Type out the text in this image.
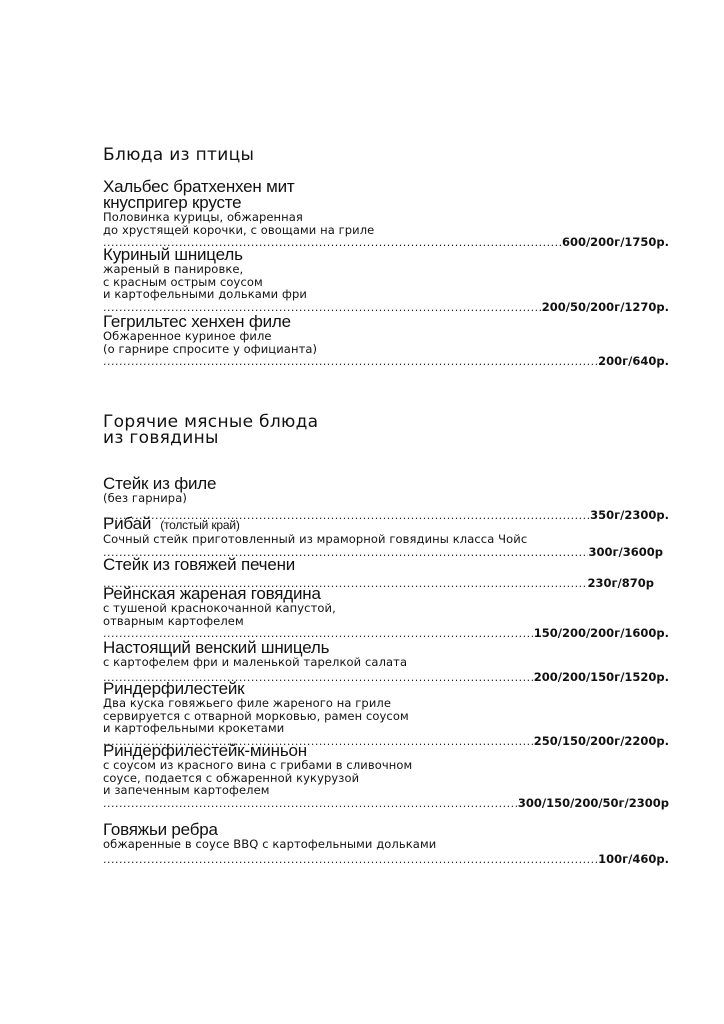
Блюда из птицы
Хальбес братхенхен мит
кнуспригер крусте
Половинка курицы, обжаренная
до хрустящей корочки, с овощами на гриле
.....
600/200г/1750р.
Куриный шницель
жареный в панировке,
с красным острым соусом
и картофельными дольками фри
.....
200/50/200г/1270р.
Гегрильтес хенхен филе
Обжаренное куриное филе
(о гарнире спросите у официанта)
.....
200г/640р.
Горячие мясные блюда
из говядины
Стейк из филе
(без гарнира)
.....
350г/2300р.
Рибай (толстый край)
Сочный стейк приготовленный из мраморной говядины класса Чойс
.....
300г/3600р
Стейк из говяжей печени
.....
230г/870р
Рейнская жареная говядина
с тушеной краснокочанной капустой,
отварным картофелем
.....
150/200/200г/1600р.
Настоящий венский шницель
с картофелем фри и маленькой тарелкой салата
.....
200/200/150г/1520р.
Риндерфилестейк
Два куска говяжьего филе жареного на гриле
сервируется с отварной морковью, рамен соусом
и картофельными крокетами
.....
250/150/200г/2200р.
Риндерфилестейк-миньон
с соусом из красного вина с грибами в сливочном
соусе, подается с обжаренной кукурузой
и запеченным картофелем
.....
300/150/200/50г/2300р
Говяжьи ребра
обжаренные в соусе BBQ с картофельными дольками
.....
100г/460р.
